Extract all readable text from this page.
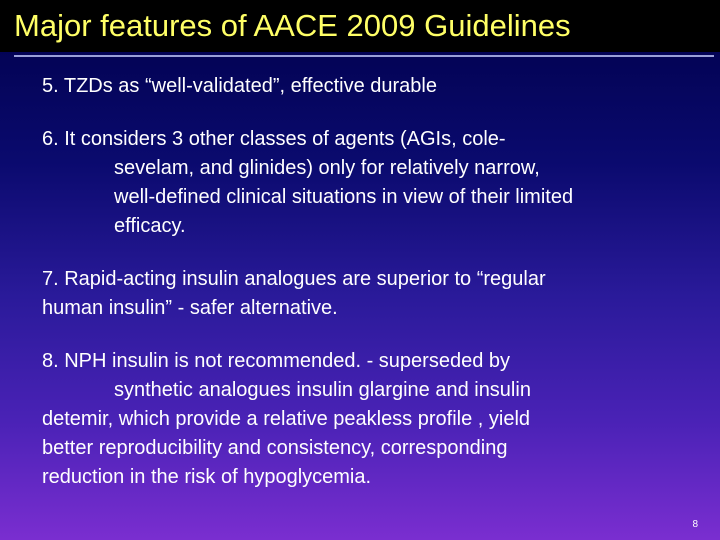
Major features of AACE 2009 Guidelines
5. TZDs as “well-validated”, effective durable
6. It considers 3 other classes of agents (AGIs, cole-
sevelam, and glinides) only for relatively narrow,
well-defined clinical situations in view of their limited
efficacy.
7. Rapid-acting insulin analogues are superior to “regular
human insulin” - safer alternative.
8. NPH insulin is not recommended. - superseded by
synthetic analogues insulin glargine and insulin
detemir, which provide a relative peakless profile , yield
better reproducibility and consistency, corresponding
reduction in the risk of hypoglycemia.
8
